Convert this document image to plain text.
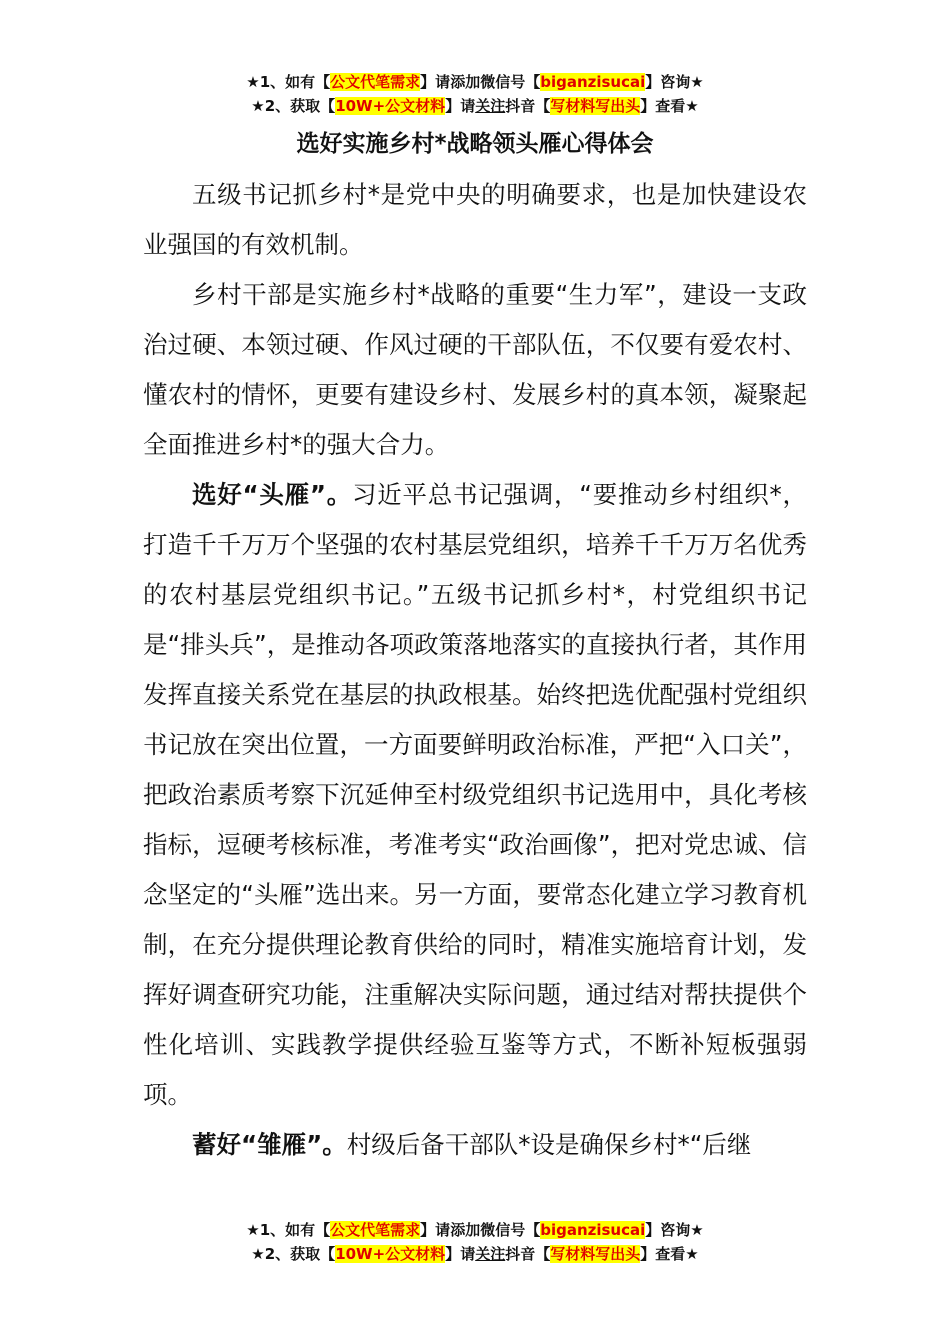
★1、如有【公文代笔需求】请添加微信号【biganzisucai】咨询★
★2、获取【10W+公文材料】请关注抖音【写材料写出头】查看★
选好实施乡村*战略领头雁心得体会

五级书记抓乡村*是党中央的明确要求，也是加快建设农业强国的有效机制。

乡村干部是实施乡村*战略的重要“生力军”，建设一支政治过硬、本领过硬、作风过硬的干部队伍，不仅要有爱农村、懂农村的情怀，更要有建设乡村、发展乡村的真本领，凝聚起全面推进乡村*的强大合力。

选好“头雁”。习近平总书记强调，“要推动乡村组织*，打造千千万万个坚强的农村基层党组织，培养千千万万名优秀的农村基层党组织书记。”五级书记抓乡村*，村党组织书记是“排头兵”，是推动各项政策落地落实的直接执行者，其作用发挥直接关系党在基层的执政根基。始终把选优配强村党组织书记放在突出位置，一方面要鲜明政治标准，严把“入口关”，把政治素质考察下沉延伸至村级党组织书记选用中，具化考核指标，逗硬考核标准，考准考实“政治画像”，把对党忠诚、信念坚定的“头雁”选出来。另一方面，要常态化建立学习教育机制，在充分提供理论教育供给的同时，精准实施培育计划，发挥好调查研究功能，注重解决实际问题，通过结对帮扶提供个性化培训、实践教学提供经验互鉴等方式，不断补短板强弱项。

蓄好“雏雁”。村级后备干部队*设是确保乡村*“后继

★1、如有【公文代笔需求】请添加微信号【biganzisucai】咨询★
★2、获取【10W+公文材料】请关注抖音【写材料写出头】查看★
